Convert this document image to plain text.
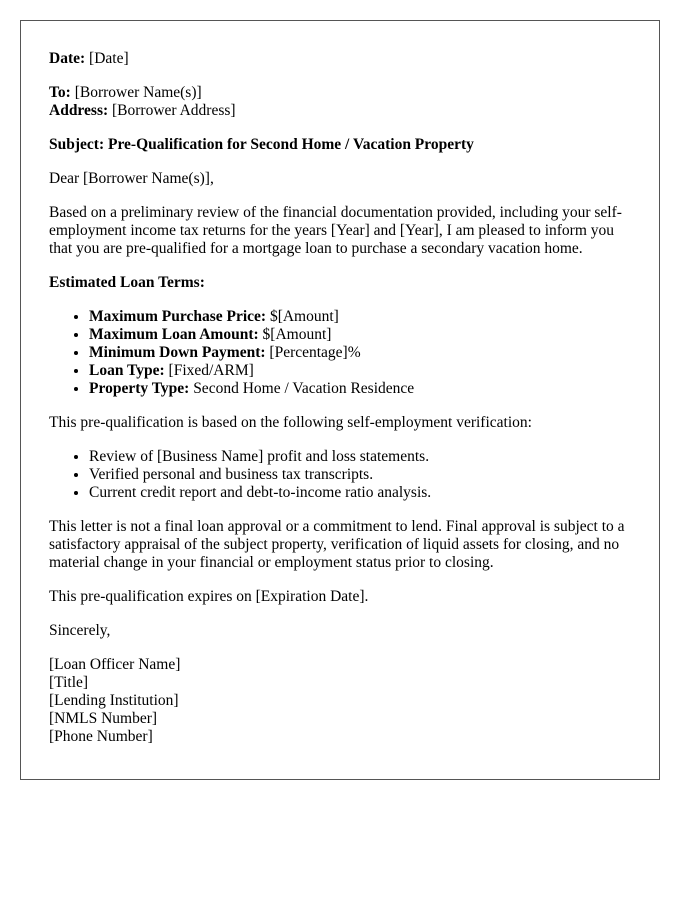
Date: [Date]

To: [Borrower Name(s)]
Address: [Borrower Address]

Subject: Pre-Qualification for Second Home / Vacation Property

Dear [Borrower Name(s)],

Based on a preliminary review of the financial documentation provided, including your self-employment income tax returns for the years [Year] and [Year], I am pleased to inform you that you are pre-qualified for a mortgage loan to purchase a secondary vacation home.

Estimated Loan Terms:

• Maximum Purchase Price: $[Amount]
• Maximum Loan Amount: $[Amount]
• Minimum Down Payment: [Percentage]%
• Loan Type: [Fixed/ARM]
• Property Type: Second Home / Vacation Residence

This pre-qualification is based on the following self-employment verification:

• Review of [Business Name] profit and loss statements.
• Verified personal and business tax transcripts.
• Current credit report and debt-to-income ratio analysis.

This letter is not a final loan approval or a commitment to lend. Final approval is subject to a satisfactory appraisal of the subject property, verification of liquid assets for closing, and no material change in your financial or employment status prior to closing.

This pre-qualification expires on [Expiration Date].

Sincerely,

[Loan Officer Name]
[Title]
[Lending Institution]
[NMLS Number]
[Phone Number]
